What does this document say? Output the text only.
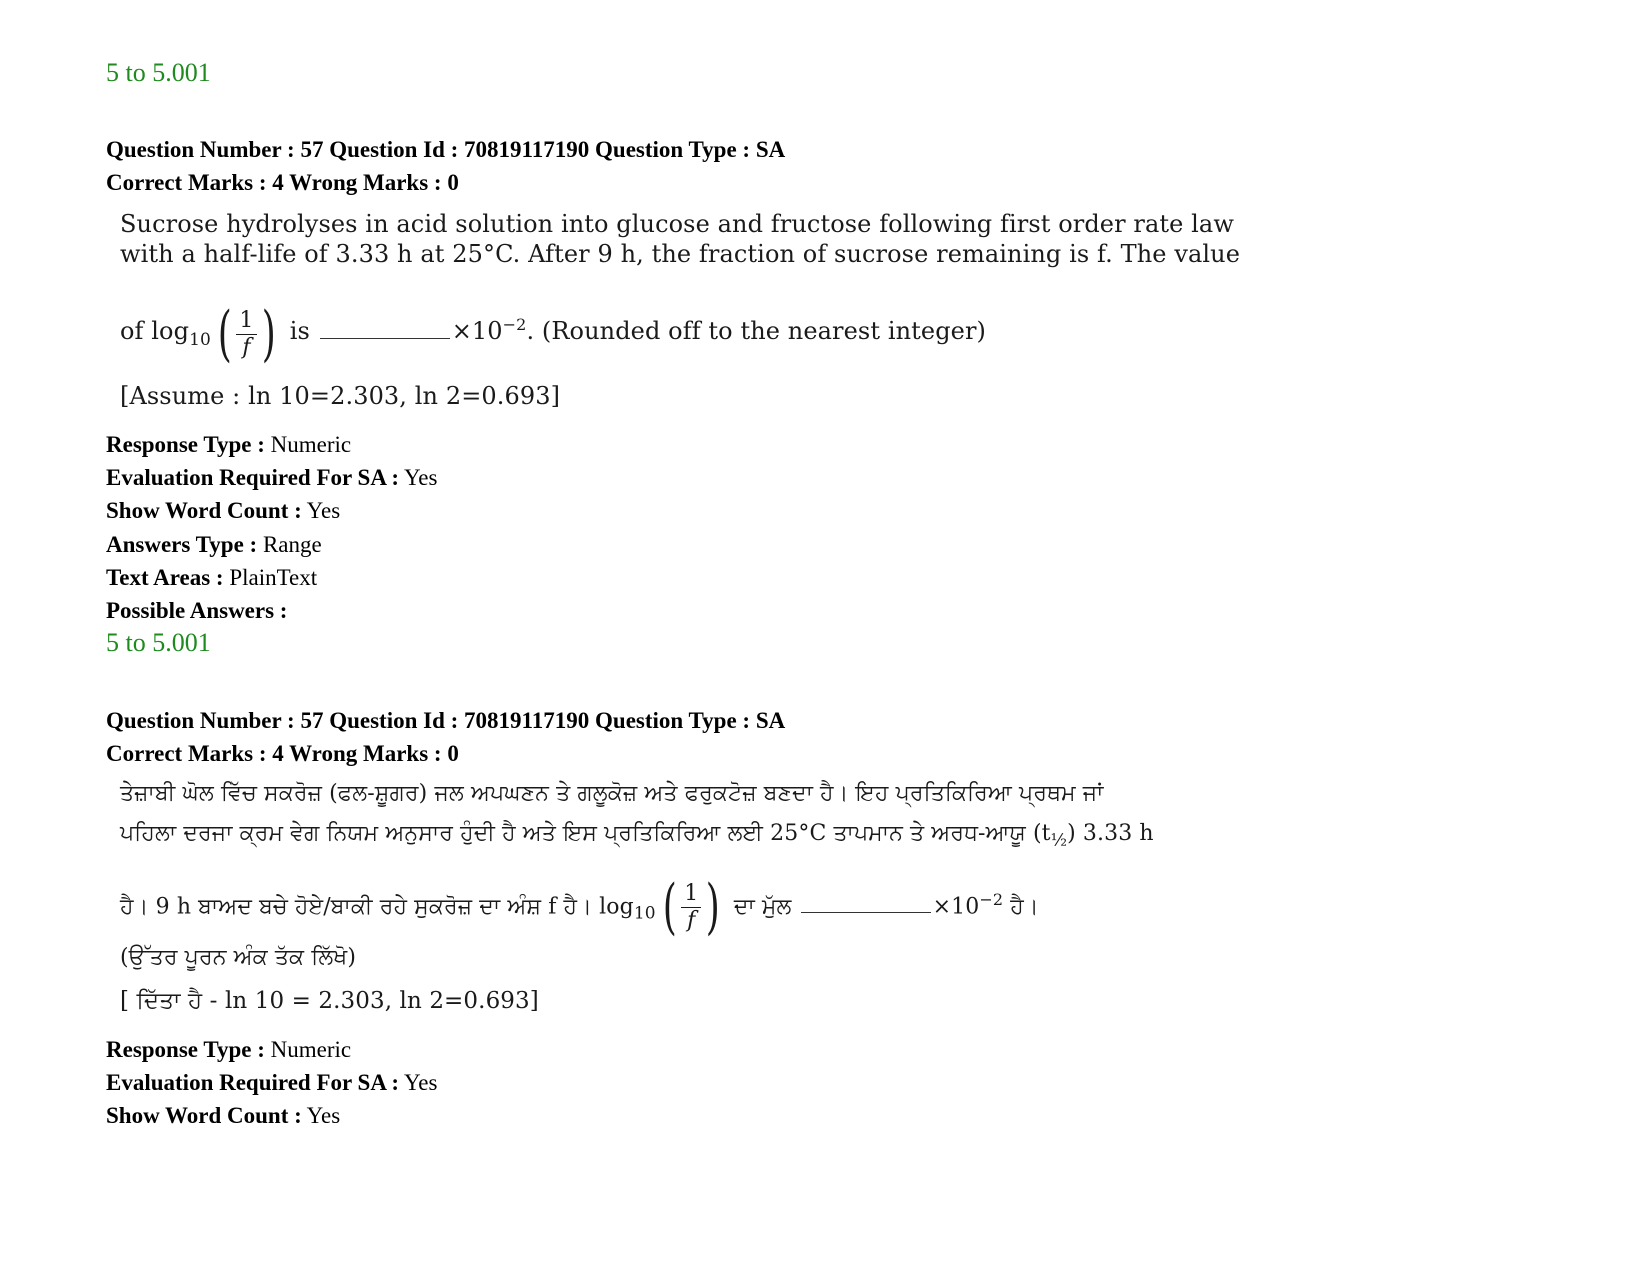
5 to 5.001
Question Number : 57 Question Id : 70819117190 Question Type : SA
Correct Marks : 4 Wrong Marks : 0
Sucrose hydrolyses in acid solution into glucose and fructose following first order rate law
with a half-life of 3.33 h at 25°C. After 9 h, the fraction of sucrose remaining is f. The value
of $\log_{10}$ ( $\frac{1}{f}$ ) is	$\times 10^{-2}$. (Rounded off to the nearest integer)
[Assume : ln 10=2.303, ln 2=0.693]
Response Type : Numeric
Evaluation Required For SA : Yes
Show Word Count : Yes
Answers Type : Range
Text Areas : PlainText
Possible Answers :
5 to 5.001
Question Number : 57 Question Id : 70819117190 Question Type : SA
Correct Marks : 4 Wrong Marks : 0
ਤੇਜ਼ਾਬੀ ਘੋਲ ਵਿੱਚ ਸਕਰੋਜ਼ (ਫਲ-ਸ਼ੂਗਰ) ਜਲ ਅਪਘਣਨ ਤੇ ਗਲੂਕੋਜ਼ ਅਤੇ ਫਰੁਕਟੋਜ਼ ਬਣਦਾ ਹੈ। ਇਹ ਪ੍ਰਤਿਕਿਰਿਆ ਪ੍ਰਥਮ ਜਾਂ
ਪਹਿਲਾ ਦਰਜਾ ਕ੍ਰਮ ਵੇਗ ਨਿਯਮ ਅਨੁਸਾਰ ਹੁੰਦੀ ਹੈ ਅਤੇ ਇਸ ਪ੍ਰਤਿਕਿਰਿਆ ਲਈ 25°C ਤਾਪਮਾਨ ਤੇ ਅਰਧ-ਆਯੂ $(t_{\frac{1}{2}})$ 3.33 h
ਹੈ। 9 h ਬਾਅਦ ਬਚੇ ਹੋਏ/ਬਾਕੀ ਰਹੇ ਸੁਕਰੋਜ਼ ਦਾ ਅੰਸ਼ f ਹੈ। $\log_{10}$ ( $\frac{1}{f}$ ) ਦਾ ਮੁੱਲ	$\times 10^{-2}$ ਹੈ।
(ਉੱਤਰ ਪੂਰਨ ਅੰਕ ਤੱਕ ਲਿੱਖੋ)
[ ਦਿੱਤਾ ਹੈ - ln 10 = 2.303, ln 2=0.693]
Response Type : Numeric
Evaluation Required For SA : Yes
Show Word Count : Yes
